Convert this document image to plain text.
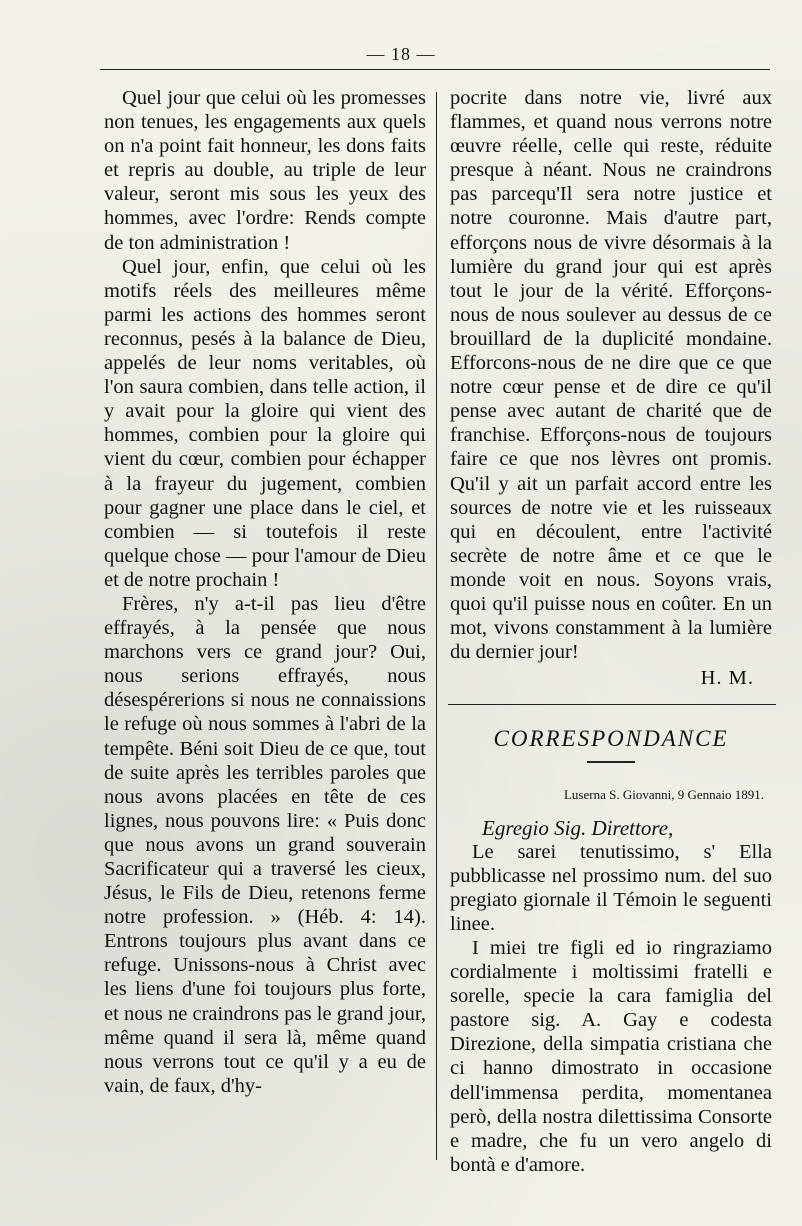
— 18 —

Quel jour que celui où les promesses non tenues, les engagements aux quels on n'a point fait honneur, les dons faits et repris au double, au triple de leur valeur, seront mis sous les yeux des hommes, avec l'ordre: Rends compte de ton administration !

Quel jour, enfin, que celui où les motifs réels des meilleures même parmi les actions des hommes seront reconnus, pesés à la balance de Dieu, appelés de leur noms veritables, où l'on saura combien, dans telle action, il y avait pour la gloire qui vient des hommes, combien pour la gloire qui vient du cœur, combien pour échapper à la frayeur du jugement, combien pour gagner une place dans le ciel, et combien — si toutefois il reste quelque chose — pour l'amour de Dieu et de notre prochain !

Frères, n'y a-t-il pas lieu d'être effrayés, à la pensée que nous marchons vers ce grand jour? Oui, nous serions effrayés, nous désespérerions si nous ne connaissions le refuge où nous sommes à l'abri de la tempête. Béni soit Dieu de ce que, tout de suite après les terribles paroles que nous avons placées en tête de ces lignes, nous pouvons lire: « Puis donc que nous avons un grand souverain Sacrificateur qui a traversé les cieux, Jésus, le Fils de Dieu, retenons ferme notre profession. » (Héb. 4: 14). Entrons toujours plus avant dans ce refuge. Unissons-nous à Christ avec les liens d'une foi toujours plus forte, et nous ne craindrons pas le grand jour, même quand il sera là, même quand nous verrons tout ce qu'il y a eu de vain, de faux, d'hy-

pocrite dans notre vie, livré aux flammes, et quand nous verrons notre œuvre réelle, celle qui reste, réduite presque à néant. Nous ne craindrons pas parcequ'Il sera notre justice et notre couronne. Mais d'autre part, efforçons nous de vivre désormais à la lumière du grand jour qui est après tout le jour de la vérité. Efforçons-nous de nous soulever au dessus de ce brouillard de la duplicité mondaine. Efforcons-nous de ne dire que ce que notre cœur pense et de dire ce qu'il pense avec autant de charité que de franchise. Efforçons-nous de toujours faire ce que nos lèvres ont promis. Qu'il y ait un parfait accord entre les sources de notre vie et les ruisseaux qui en découlent, entre l'activité secrète de notre âme et ce que le monde voit en nous. Soyons vrais, quoi qu'il puisse nous en coûter. En un mot, vivons constamment à la lumière du dernier jour!

H. M.
CORRESPONDANCE
Luserna S. Giovanni, 9 Gennaio 1891.
Egregio Sig. Direttore,

Le sarei tenutissimo, s' Ella pubblicasse nel prossimo num. del suo pregiato giornale il Témoin le seguenti linee.

I miei tre figli ed io ringraziamo cordialmente i moltissimi fratelli e sorelle, specie la cara famiglia del pastore sig. A. Gay e codesta Direzione, della simpatia cristiana che ci hanno dimostrato in occasione dell'immensa perdita, momentanea però, della nostra dilettissima Consorte e madre, che fu un vero angelo di bontà e d'amore.
